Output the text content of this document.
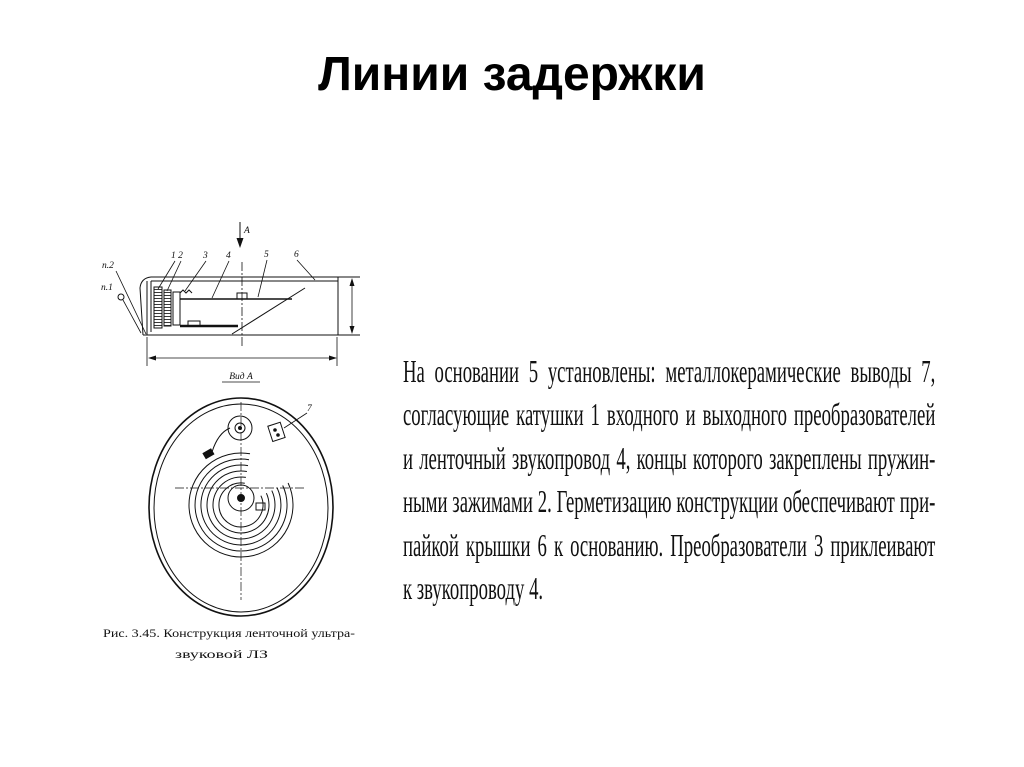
Линии задержки
п.2
п.1
1 2 3 4	5	6
А
Вид А
7
Рис. 3.45. Конструкция ленточной ультра-
звуковой ЛЗ
На основании 5 установлены: металлокерамические выводы 7,
согласующие катушки 1 входного и выходного преобразователей
и ленточный звукопровод 4, концы которого закреплены пружин-
ными зажимами 2. Герметизацию конструкции обеспечивают при-
пайкой крышки 6 к основанию. Преобразователи 3 приклеивают
к звукопроводу 4.
